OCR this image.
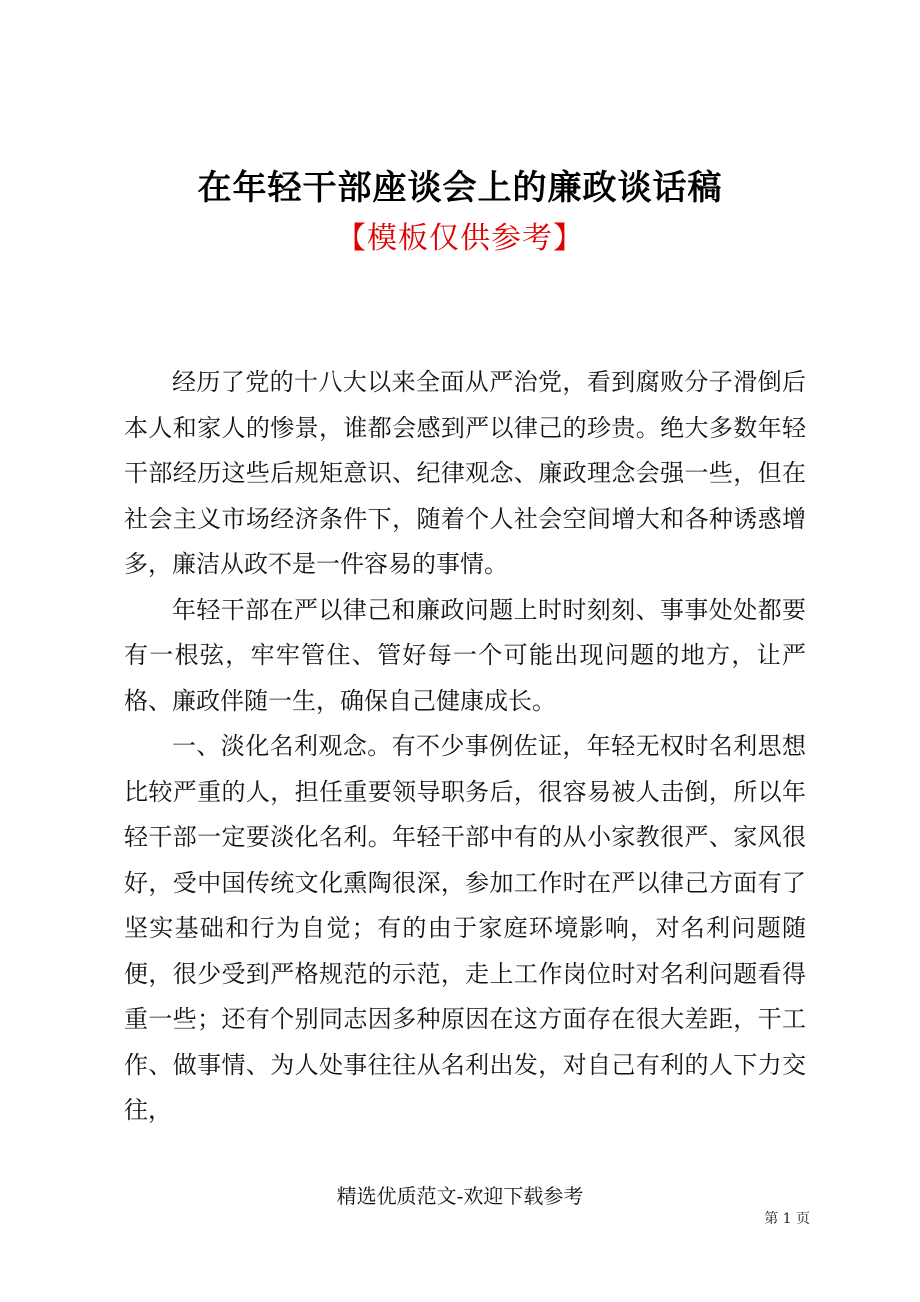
在年轻干部座谈会上的廉政谈话稿
【模板仅供参考】

经历了党的十八大以来全面从严治党，看到腐败分子滑倒后本人和家人的惨景，谁都会感到严以律己的珍贵。绝大多数年轻干部经历这些后规矩意识、纪律观念、廉政理念会强一些，但在社会主义市场经济条件下，随着个人社会空间增大和各种诱惑增多，廉洁从政不是一件容易的事情。

年轻干部在严以律己和廉政问题上时时刻刻、事事处处都要有一根弦，牢牢管住、管好每一个可能出现问题的地方，让严格、廉政伴随一生，确保自己健康成长。

一、淡化名利观念。有不少事例佐证，年轻无权时名利思想比较严重的人，担任重要领导职务后，很容易被人击倒，所以年轻干部一定要淡化名利。年轻干部中有的从小家教很严、家风很好，受中国传统文化熏陶很深，参加工作时在严以律己方面有了坚实基础和行为自觉；有的由于家庭环境影响，对名利问题随便，很少受到严格规范的示范，走上工作岗位时对名利问题看得重一些；还有个别同志因多种原因在这方面存在很大差距，干工作、做事情、为人处事往往从名利出发，对自己有利的人下力交往，

精选优质范文-欢迎下载参考
第 1 页
